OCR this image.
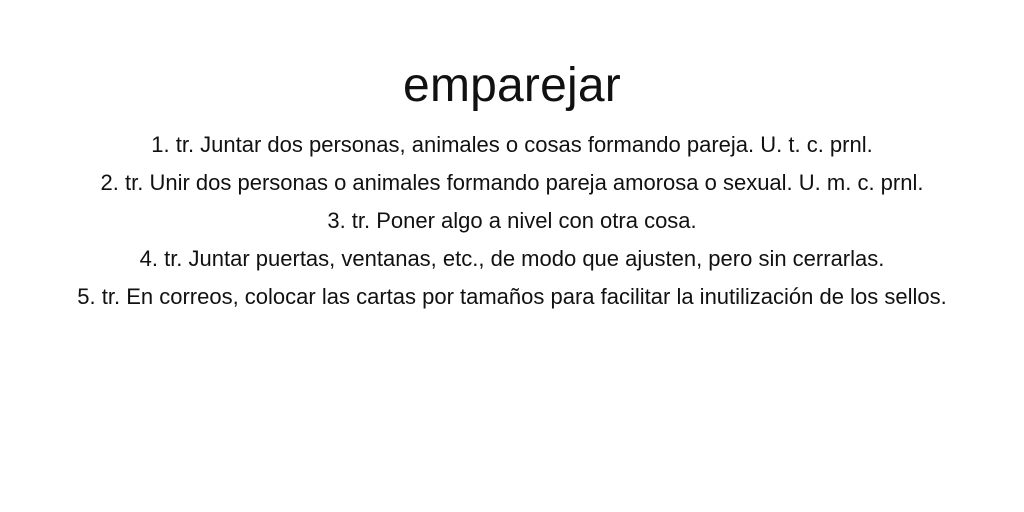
emparejar
1. tr. Juntar dos personas, animales o cosas formando pareja. U. t. c. prnl.
2. tr. Unir dos personas o animales formando pareja amorosa o sexual. U. m. c. prnl.
3. tr. Poner algo a nivel con otra cosa.
4. tr. Juntar puertas, ventanas, etc., de modo que ajusten, pero sin cerrarlas.
5. tr. En correos, colocar las cartas por tamaños para facilitar la inutilización de los sellos.
